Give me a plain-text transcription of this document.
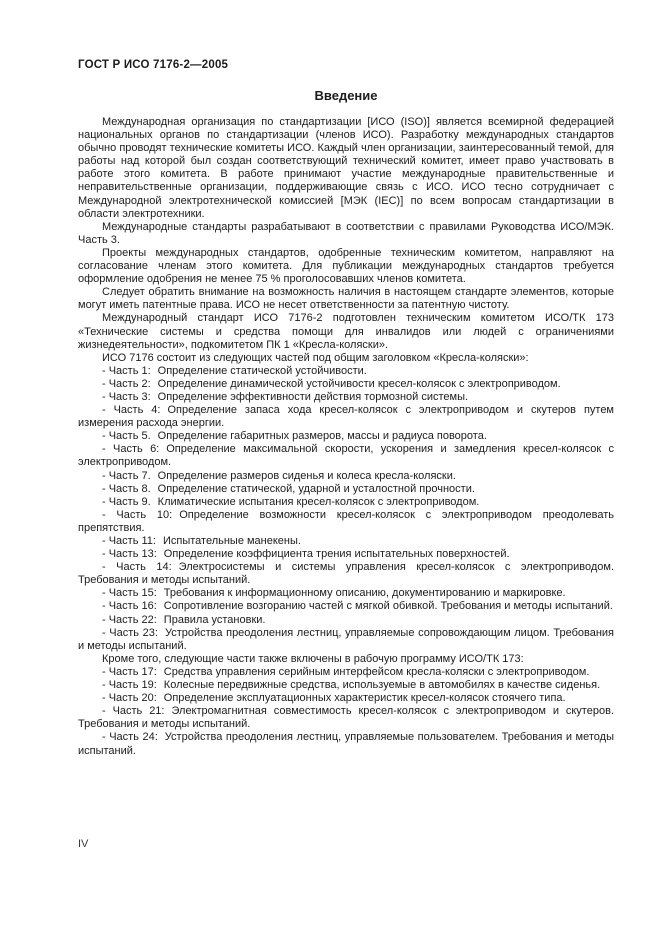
ГОСТ Р ИСО 7176-2—2005
Введение

Международная организация по стандартизации [ИСО (ISO)] является всемирной федерацией национальных органов по стандартизации (членов ИСО). Разработку международных стандартов обычно проводят технические комитеты ИСО. Каждый член организации, заинтересованный темой, для работы над которой был создан соответствующий технический комитет, имеет право участвовать в работе этого комитета. В работе принимают участие международные правительственные и неправительственные организации, поддерживающие связь с ИСО. ИСО тесно сотрудничает с Международной электротехнической комиссией [МЭК (IEC)] по всем вопросам стандартизации в области электротехники.

Международные стандарты разрабатывают в соответствии с правилами Руководства ИСО/МЭК. Часть 3.

Проекты международных стандартов, одобренные техническим комитетом, направляют на согласование членам этого комитета. Для публикации международных стандартов требуется оформление одобрения не менее 75 % проголосовавших членов комитета.

Следует обратить внимание на возможность наличия в настоящем стандарте элементов, которые могут иметь патентные права. ИСО не несет ответственности за патентную чистоту.

Международный стандарт ИСО 7176-2 подготовлен техническим комитетом ИСО/ТК 173 «Технические системы и средства помощи для инвалидов или людей с ограничениями жизнедеятельности», подкомитетом ПК 1 «Кресла-коляски».

ИСО 7176 состоит из следующих частей под общим заголовком «Кресла-коляски»:

- Часть 1: Определение статической устойчивости.

- Часть 2: Определение динамической устойчивости кресел-колясок с электроприводом.

- Часть 3: Определение эффективности действия тормозной системы.

- Часть 4: Определение запаса хода кресел-колясок с электроприводом и скутеров путем измерения расхода энергии.

- Часть 5. Определение габаритных размеров, массы и радиуса поворота.

- Часть 6: Определение максимальной скорости, ускорения и замедления кресел-колясок с электроприводом.

- Часть 7. Определение размеров сиденья и колеса кресла-коляски.

- Часть 8. Определение статической, ударной и усталостной прочности.

- Часть 9. Климатические испытания кресел-колясок с электроприводом.

- Часть 10: Определение возможности кресел-колясок с электроприводом преодолевать препятствия.

- Часть 11: Испытательные манекены.

- Часть 13: Определение коэффициента трения испытательных поверхностей.

- Часть 14: Электросистемы и системы управления кресел-колясок с электроприводом. Требования и методы испытаний.

- Часть 15: Требования к информационному описанию, документированию и маркировке.

- Часть 16: Сопротивление возгоранию частей с мягкой обивкой. Требования и методы испытаний.

- Часть 22: Правила установки.

- Часть 23: Устройства преодоления лестниц, управляемые сопровождающим лицом. Требования и методы испытаний.

Кроме того, следующие части также включены в рабочую программу ИСО/ТК 173:

- Часть 17: Средства управления серийным интерфейсом кресла-коляски с электроприводом.

- Часть 19: Колесные передвижные средства, используемые в автомобилях в качестве сиденья.

- Часть 20: Определение эксплуатационных характеристик кресел-колясок стоячего типа.

- Часть 21: Электромагнитная совместимость кресел-колясок с электроприводом и скутеров. Требования и методы испытаний.

- Часть 24: Устройства преодоления лестниц, управляемые пользователем. Требования и методы испытаний.

IV
